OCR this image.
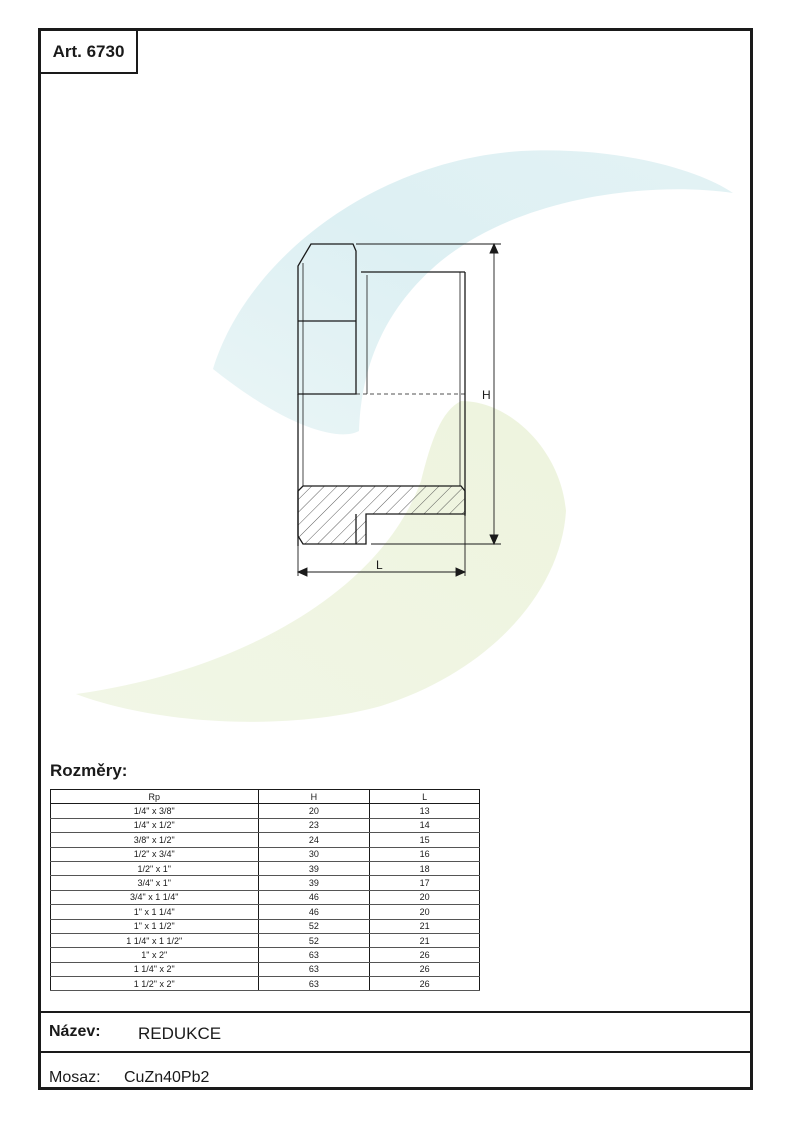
H
L
Art. 6730
Rozměry:
Rp	H	L
1/4" x 3/8"	20	13
1/4" x 1/2"	23	14
3/8" x 1/2"	24	15
1/2" x 3/4"	30	16
1/2" x 1"	39	18
3/4" x 1"	39	17
3/4" x 1 1/4"	46	20
1" x 1 1/4"	46	20
1" x 1 1/2"	52	21
1 1/4" x 1 1/2"	52	21
1" x 2"	63	26
1 1/4" x 2"	63	26
1 1/2" x 2"	63	26
Název: REDUKCE
Mosaz: CuZn40Pb2
